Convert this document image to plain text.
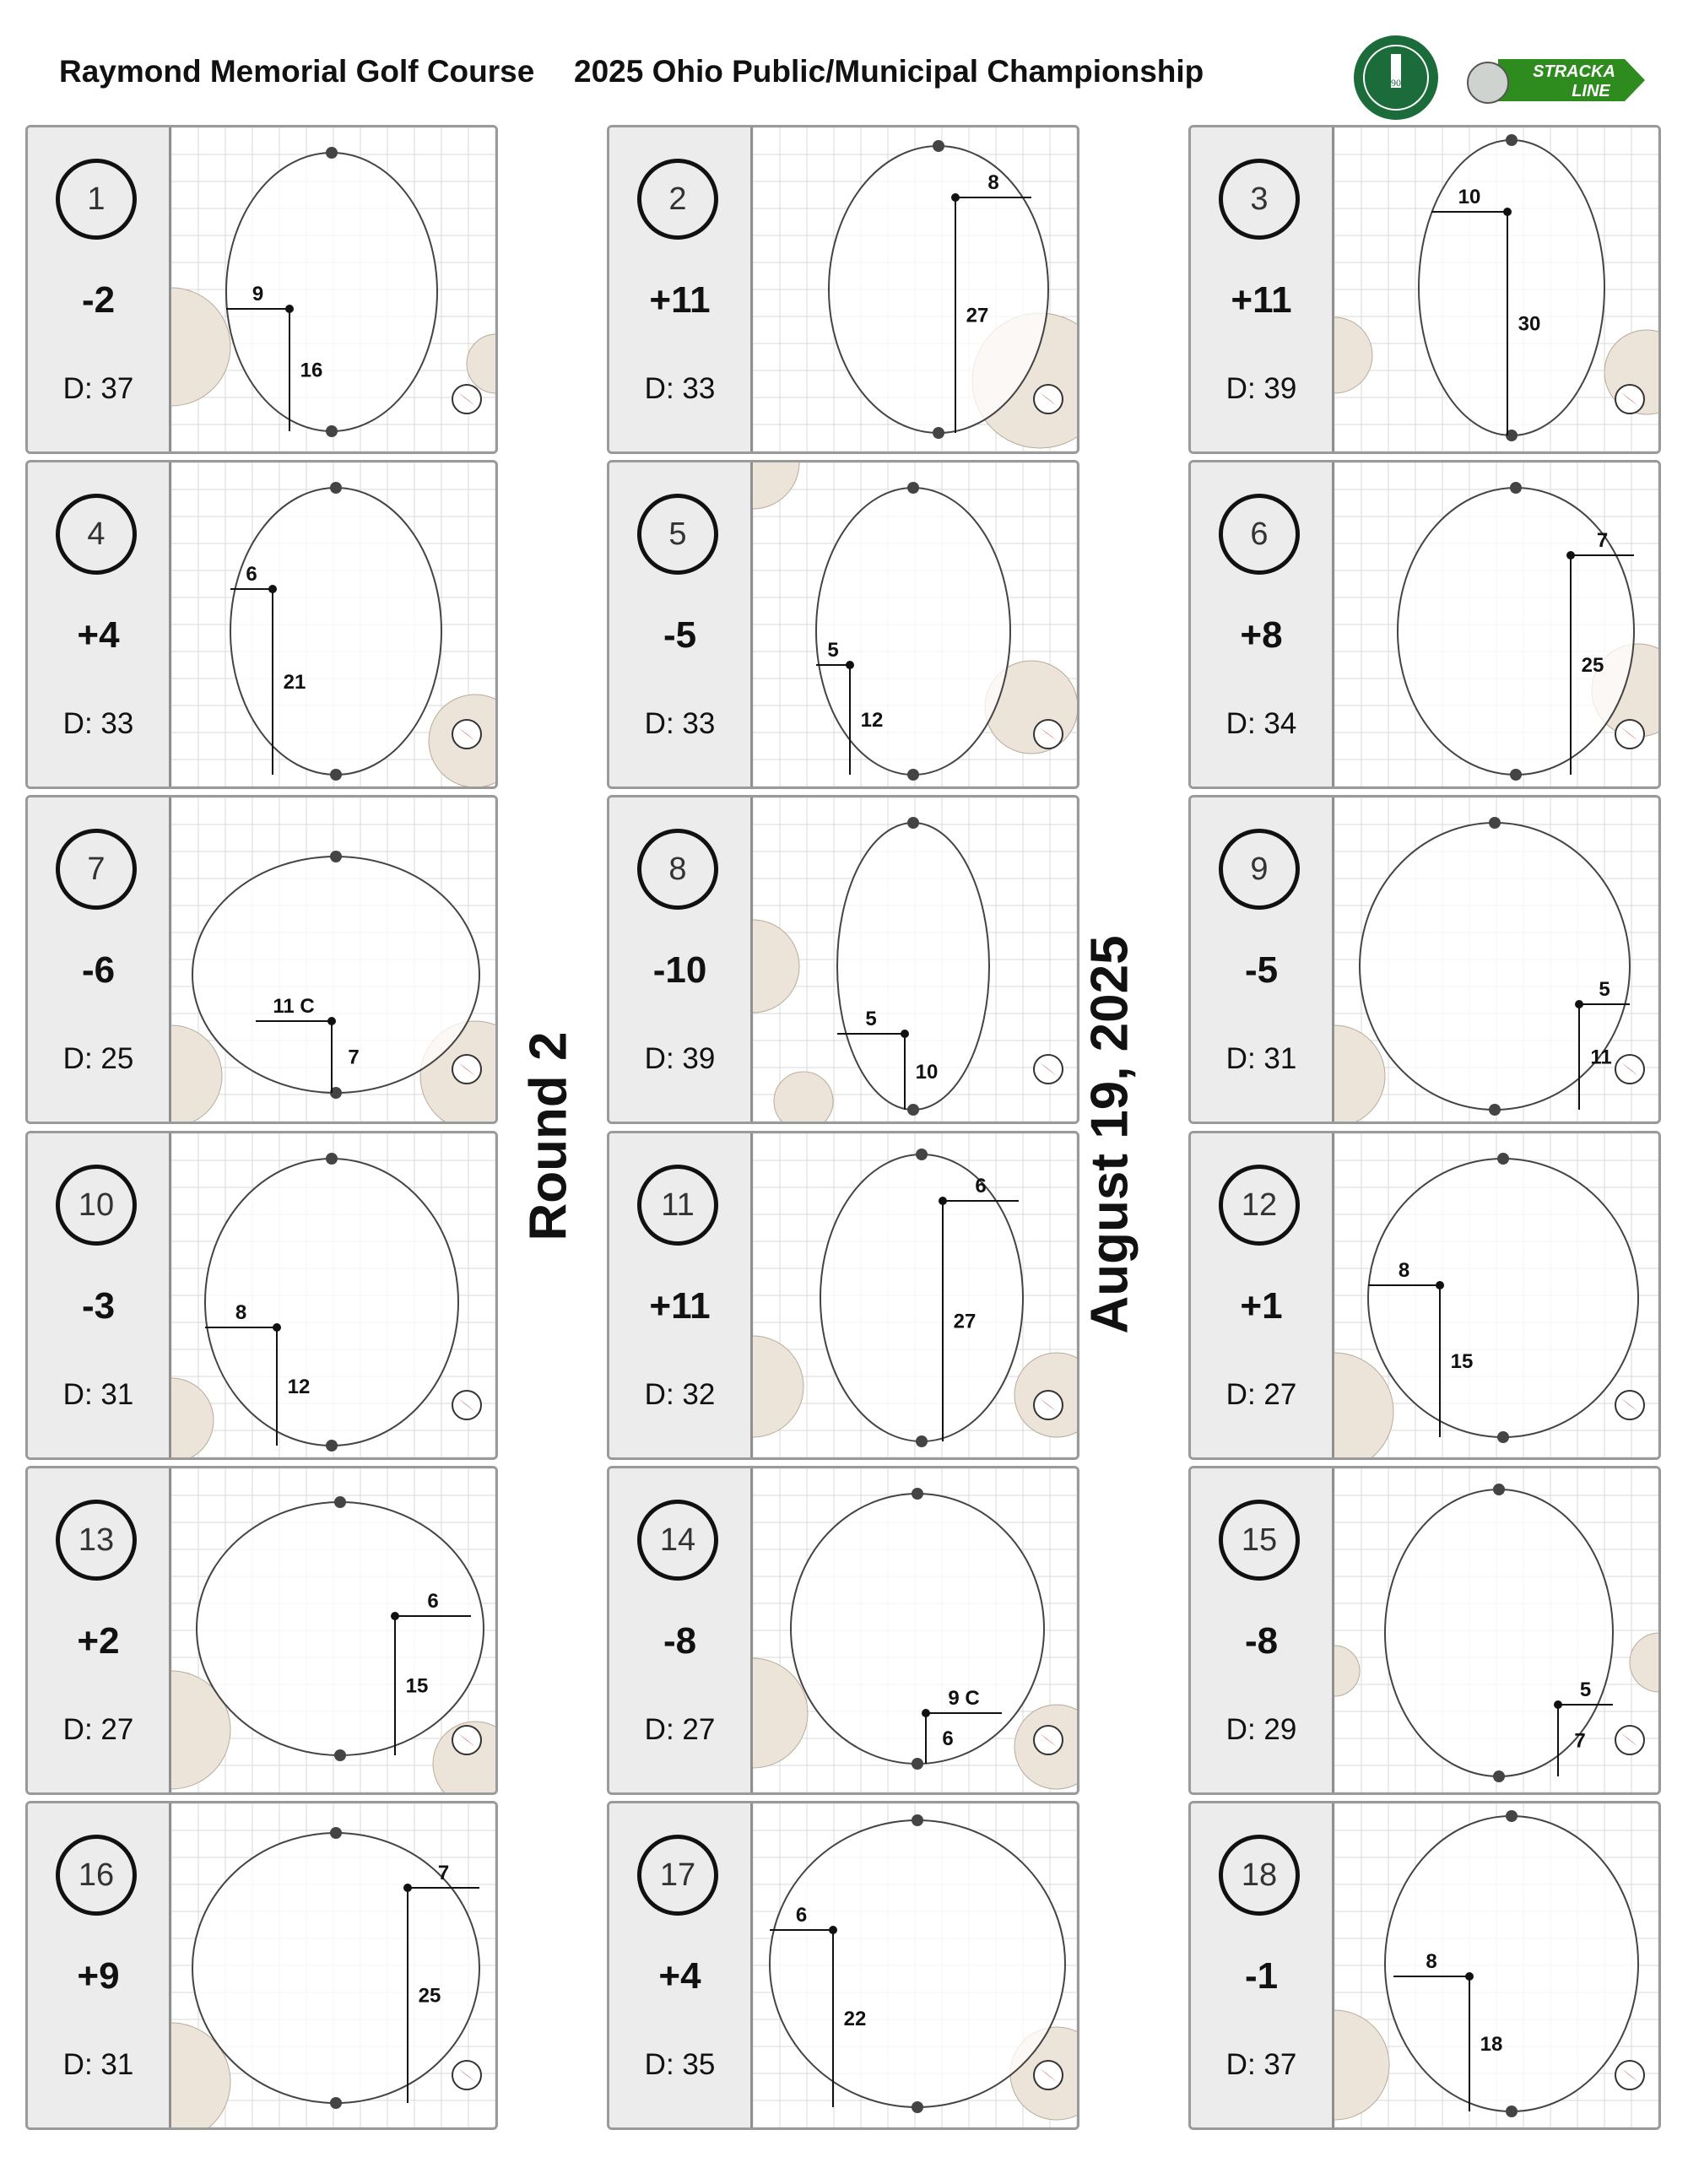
Raymond Memorial Golf Course 2025 Ohio Public/Municipal Championship	1904
STRACKA
LINE
Round 2	August 19, 2025
1
-2
D: 37
9
16
2
+11
D: 33
8
27
3
+11
D: 39
10
30
4
+4
D: 33
6
21
5
-5
D: 33
5
12
6
+8
D: 34
7
25
7
-6
D: 25
11 C
7
8
-10
D: 39
5
10
9
-5
D: 31
5
11
10
-3
D: 31
8
12
11
+11
D: 32
6
27
12
+1
D: 27
8
15
13
+2
D: 27
6
15
14
-8
D: 27
9 C
6
15
-8
D: 29
5
7
16
+9
D: 31
7
25
17
+4
D: 35
6
22
18
-1
D: 37
8
18
